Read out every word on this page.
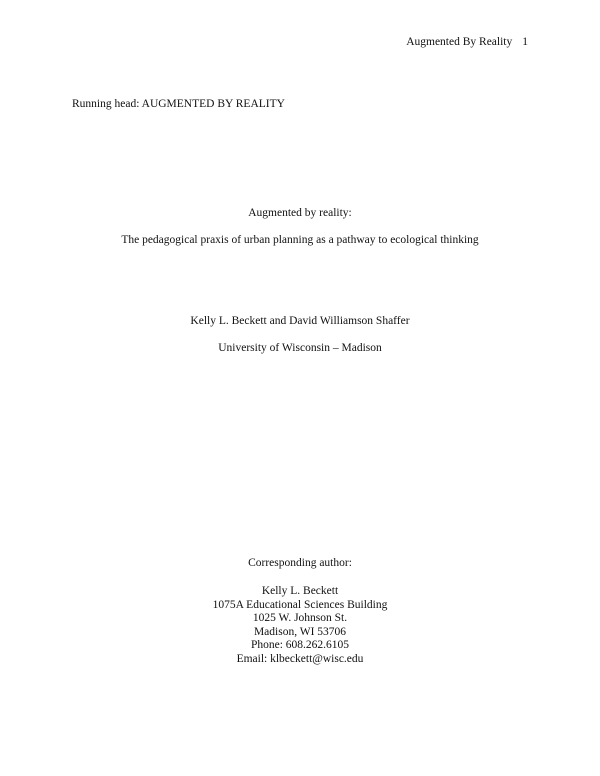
Augmented By Reality 1
Running head: AUGMENTED BY REALITY
Augmented by reality:
The pedagogical praxis of urban planning as a pathway to ecological thinking
Kelly L. Beckett and David Williamson Shaffer
University of Wisconsin – Madison
Corresponding author:
Kelly L. Beckett
1075A Educational Sciences Building
1025 W. Johnson St.
Madison, WI 53706
Phone: 608.262.6105
Email: klbeckett@wisc.edu
